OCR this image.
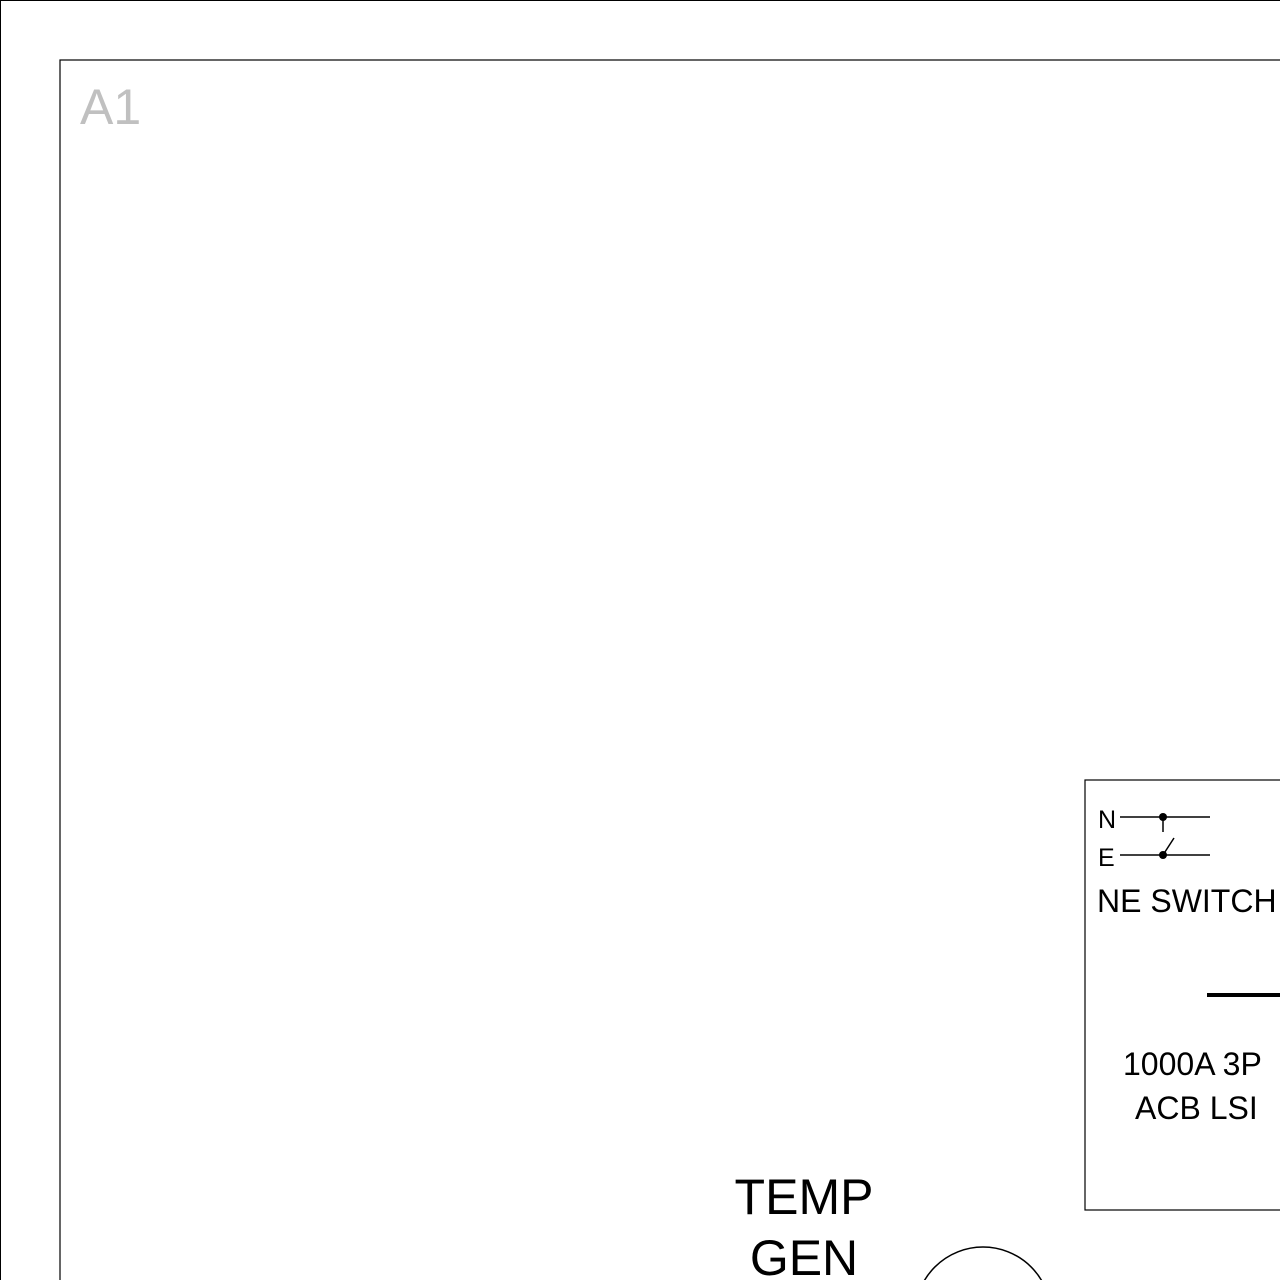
A1
N
E
NE SWITCH
1000A 3P
ACB LSI
TEMP
GEN
